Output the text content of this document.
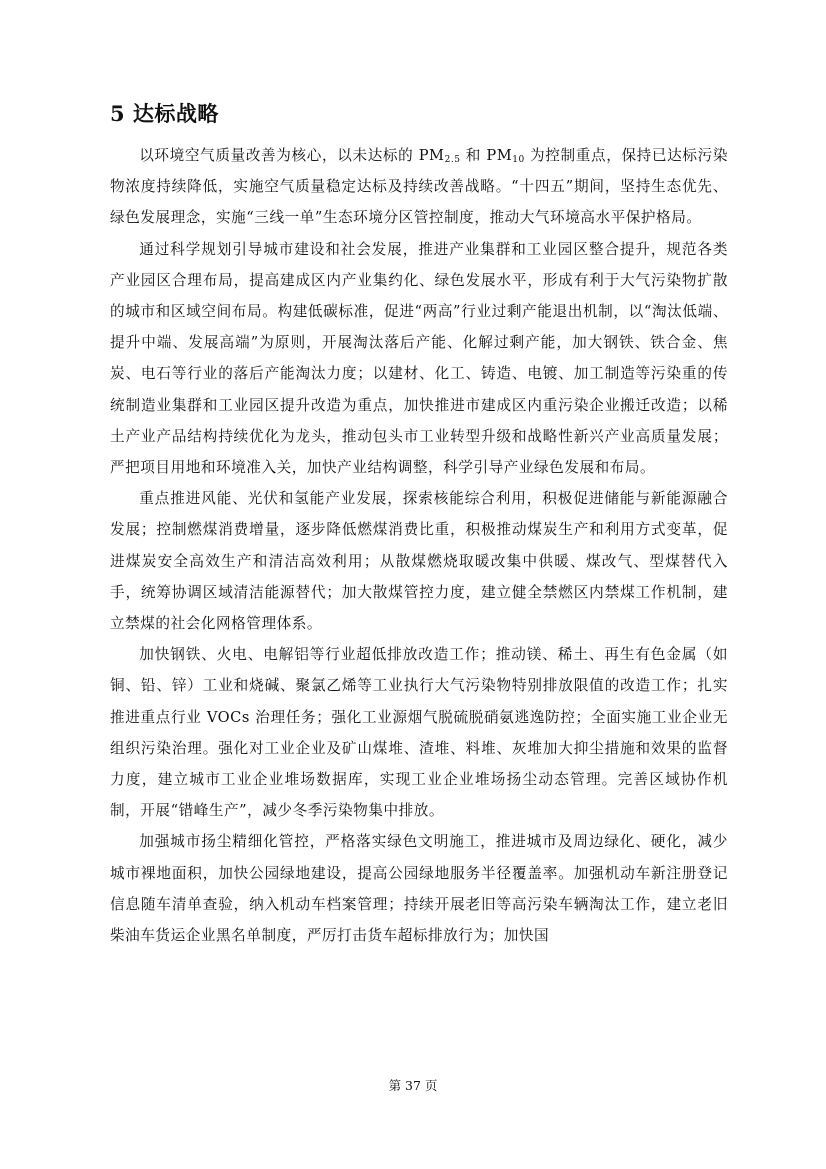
5 达标战略

以环境空气质量改善为核心，以未达标的 $PM_{2.5}$ 和 $PM_{10}$ 为控制重点，保持已达标污染物浓度持续降低，实施空气质量稳定达标及持续改善战略。“十四五”期间，坚持生态优先、绿色发展理念，实施“三线一单”生态环境分区管控制度，推动大气环境高水平保护格局。

通过科学规划引导城市建设和社会发展，推进产业集群和工业园区整合提升，规范各类产业园区合理布局，提高建成区内产业集约化、绿色发展水平，形成有利于大气污染物扩散的城市和区域空间布局。构建低碳标准，促进“两高”行业过剩产能退出机制，以“淘汰低端、提升中端、发展高端”为原则，开展淘汰落后产能、化解过剩产能，加大钢铁、铁合金、焦炭、电石等行业的落后产能淘汰力度；以建材、化工、铸造、电镀、加工制造等污染重的传统制造业集群和工业园区提升改造为重点，加快推进市建成区内重污染企业搬迁改造；以稀土产业产品结构持续优化为龙头，推动包头市工业转型升级和战略性新兴产业高质量发展；严把项目用地和环境准入关，加快产业结构调整，科学引导产业绿色发展和布局。

重点推进风能、光伏和氢能产业发展，探索核能综合利用，积极促进储能与新能源融合发展；控制燃煤消费增量，逐步降低燃煤消费比重，积极推动煤炭生产和利用方式变革，促进煤炭安全高效生产和清洁高效利用；从散煤燃烧取暖改集中供暖、煤改气、型煤替代入手，统筹协调区域清洁能源替代；加大散煤管控力度，建立健全禁燃区内禁煤工作机制，建立禁煤的社会化网格管理体系。

加快钢铁、火电、电解铝等行业超低排放改造工作；推动镁、稀土、再生有色金属（如铜、铅、锌）工业和烧碱、聚氯乙烯等工业执行大气污染物特别排放限值的改造工作；扎实推进重点行业 VOCs 治理任务；强化工业源烟气脱硫脱硝氨逃逸防控；全面实施工业企业无组织污染治理。强化对工业企业及矿山煤堆、渣堆、料堆、灰堆加大抑尘措施和效果的监督力度，建立城市工业企业堆场数据库，实现工业企业堆场扬尘动态管理。完善区域协作机制，开展“错峰生产”，减少冬季污染物集中排放。

加强城市扬尘精细化管控，严格落实绿色文明施工，推进城市及周边绿化、硬化，减少城市裸地面积，加快公园绿地建设，提高公园绿地服务半径覆盖率。加强机动车新注册登记信息随车清单查验，纳入机动车档案管理；持续开展老旧等高污染车辆淘汰工作，建立老旧柴油车货运企业黑名单制度，严厉打击货车超标排放行为；加快国

第 37 页
